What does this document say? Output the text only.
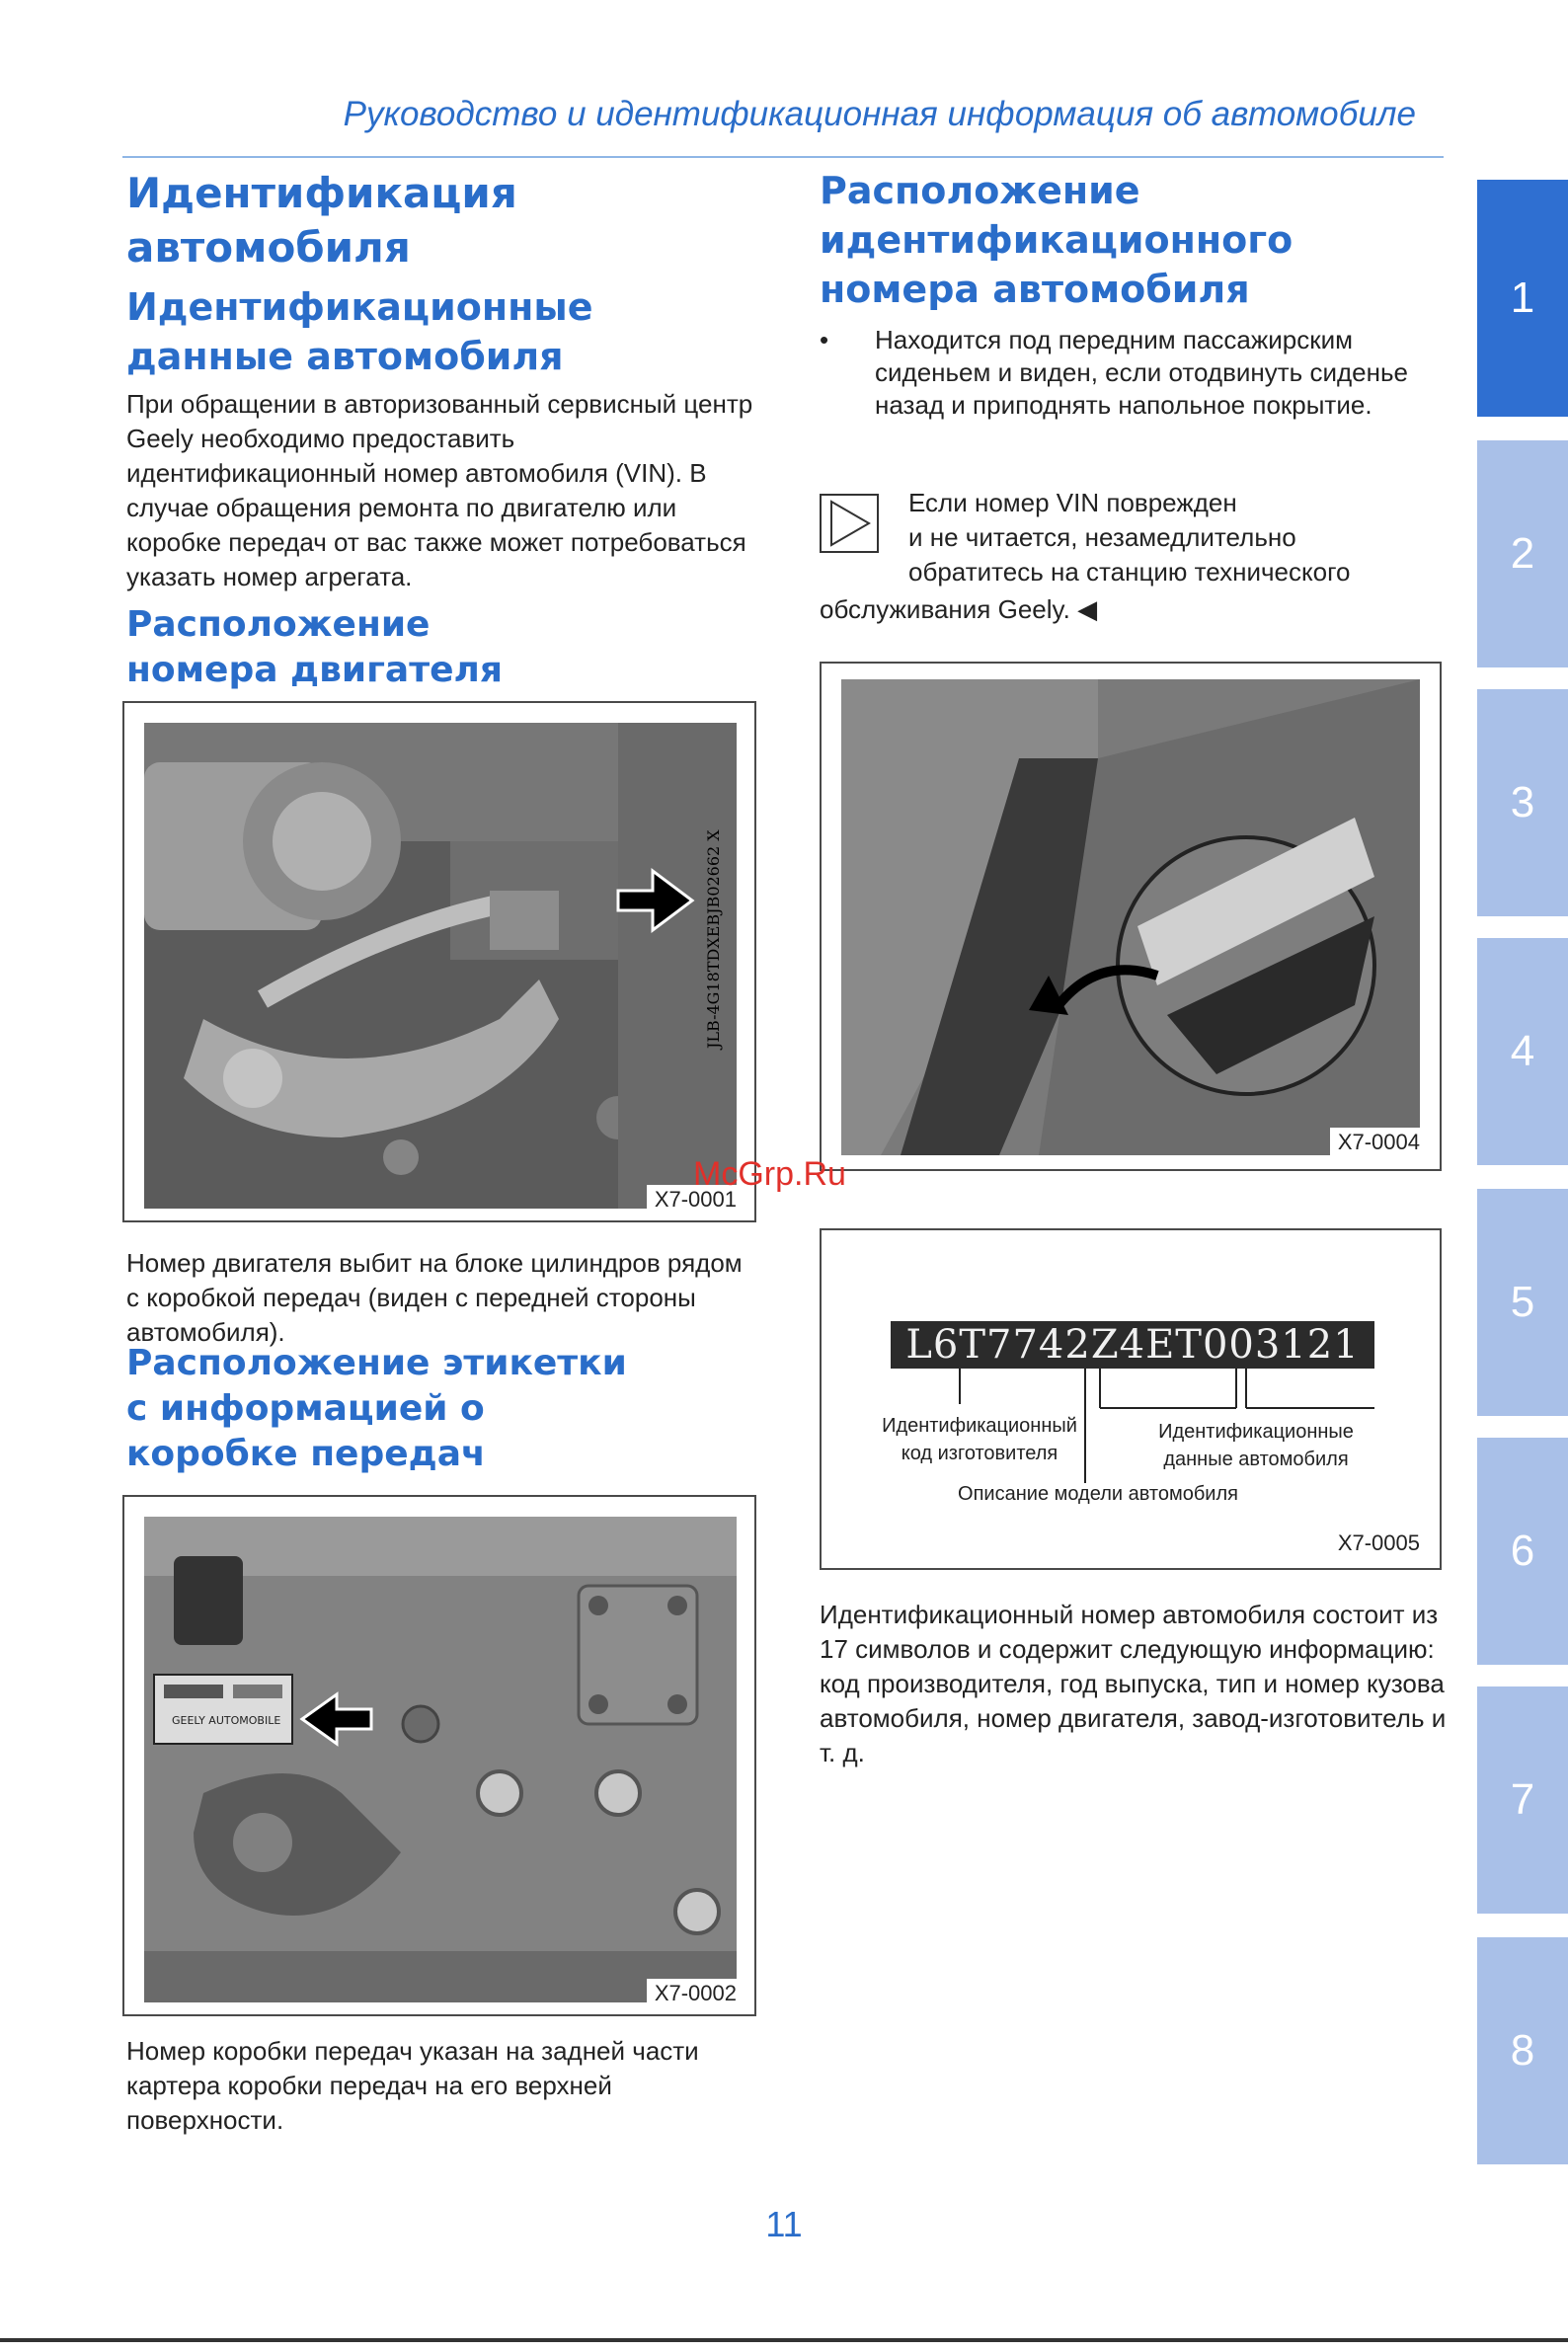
Руководство и идентификационная информация об автомобиле
Идентификация автомобиля
Идентификационные данные автомобиля

При обращении в авторизованный сервисный центр Geely необходимо предоставить идентификационный номер автомобиля (VIN). В случае обращения ремонта по двигателю или коробке передач от вас также может потребоваться указать номер агрегата.

Расположение номера двигателя
JLB-4G18TDXEBJB02662 X
X7-0001

Номер двигателя выбит на блоке цилиндров рядом с коробкой передач (виден с передней стороны автомобиля).

Расположение этикетки с информацией о коробке передач
GEELY AUTOMOBILE
X7-0002

Номер коробки передач указан на задней части картера коробки передач на его верхней поверхности.

Расположение идентификационного номера автомобиля
• Находится под передним пассажирским сиденьем и виден, если отодвинуть сиденье назад и приподнять напольное покрытие.
Если номер VIN поврежден
и не читается, незамедлительно
обратитесь на станцию технического
обслуживания Geely. ◀
X7-0004
L6T7742Z4ET003121
Идентификационный
код изготовителя
Идентификационные
данные автомобиля
Описание модели автомобиля
X7-0005

Идентификационный номер автомобиля состоит из 17 символов и содержит следующую информацию: код производителя, год выпуска, тип и номер кузова автомобиля, номер двигателя, завод-изготовитель и т. д.

1
2
3
4
5
6
7
8
McGrp.Ru
11
